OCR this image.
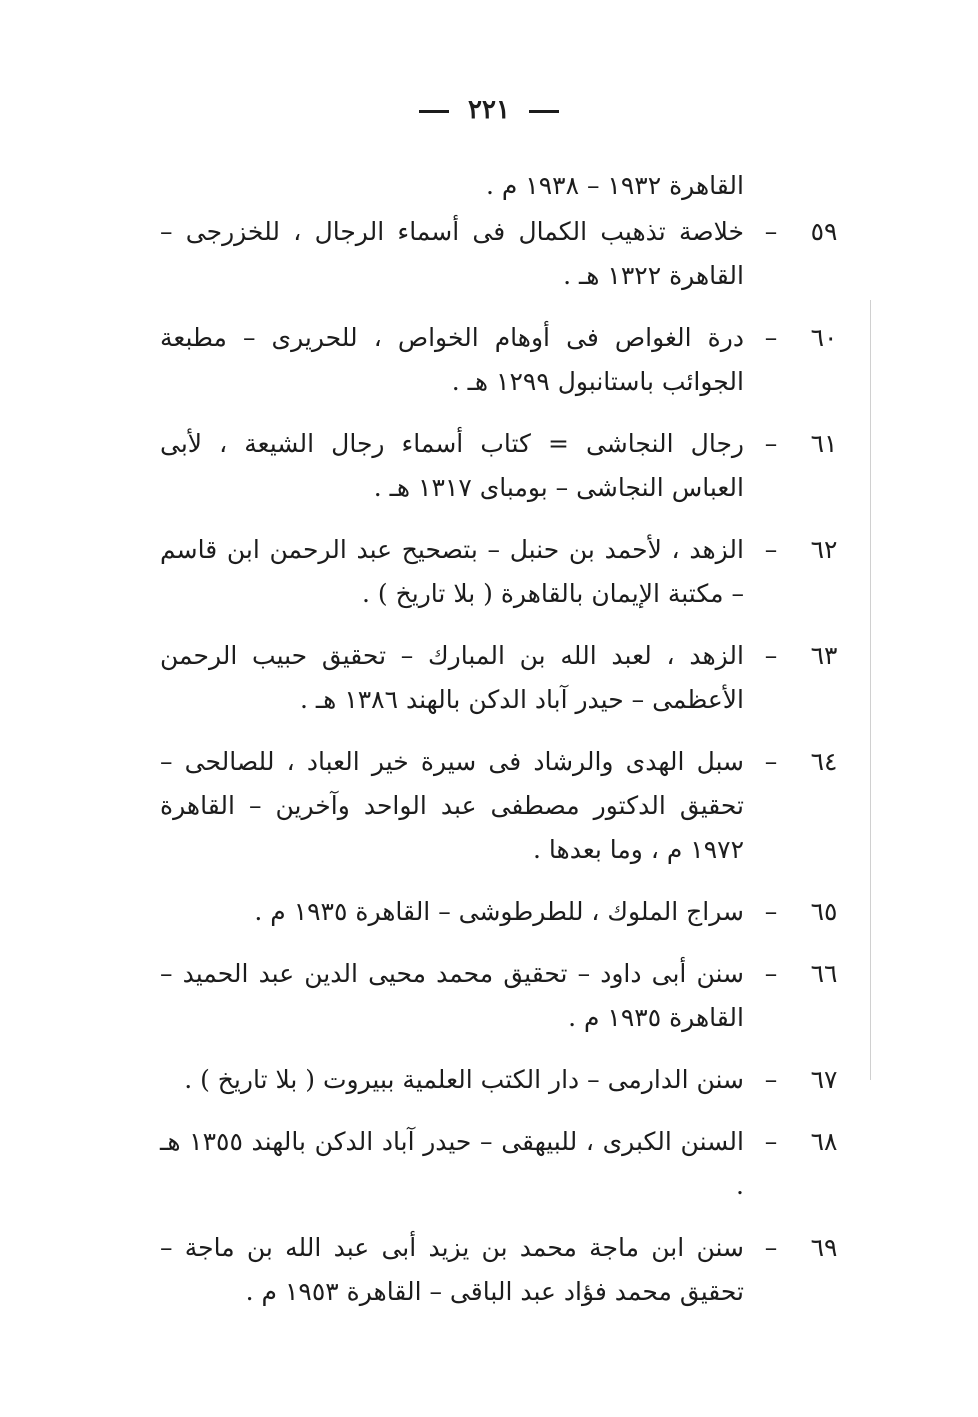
٢٢١
القاهرة ١٩٣٢ – ١٩٣٨ م .
٥٩
–
خلاصة تذهيب الكمال فى أسماء الرجال ، للخزرجى – القاهرة ١٣٢٢ هـ .
٦٠
–
درة الغواص فى أوهام الخواص ، للحريرى – مطبعة الجوائب باستانبول ١٢٩٩ هـ .
٦١
–
رجال النجاشى = كتاب أسماء رجال الشيعة ، لأبى العباس النجاشى – بومباى ١٣١٧ هـ .
٦٢
–
الزهد ، لأحمد بن حنبل – بتصحيح عبد الرحمن ابن قاسم – مكتبة الإيمان بالقاهرة ( بلا تاريخ ) .
٦٣
–
الزهد ، لعبد الله بن المبارك – تحقيق حبيب الرحمن الأعظمى – حيدر آباد الدكن بالهند ١٣٨٦ هـ .
٦٤
–
سبل الهدى والرشاد فى سيرة خير العباد ، للصالحى – تحقيق الدكتور مصطفى عبد الواحد وآخرين – القاهرة ١٩٧٢ م ، وما بعدها .
٦٥
–
سراج الملوك ، للطرطوشى – القاهرة ١٩٣٥ م .
٦٦
–
سنن أبى داود – تحقيق محمد محيى الدين عبد الحميد – القاهرة ١٩٣٥ م .
٦٧
–
سنن الدارمى – دار الكتب العلمية ببيروت ( بلا تاريخ ) .
٦٨
–
السنن الكبرى ، للبيهقى – حيدر آباد الدكن بالهند ١٣٥٥ هـ .
٦٩
–
سنن ابن ماجة محمد بن يزيد أبى عبد الله بن ماجة – تحقيق محمد فؤاد عبد الباقى – القاهرة ١٩٥٣ م .
